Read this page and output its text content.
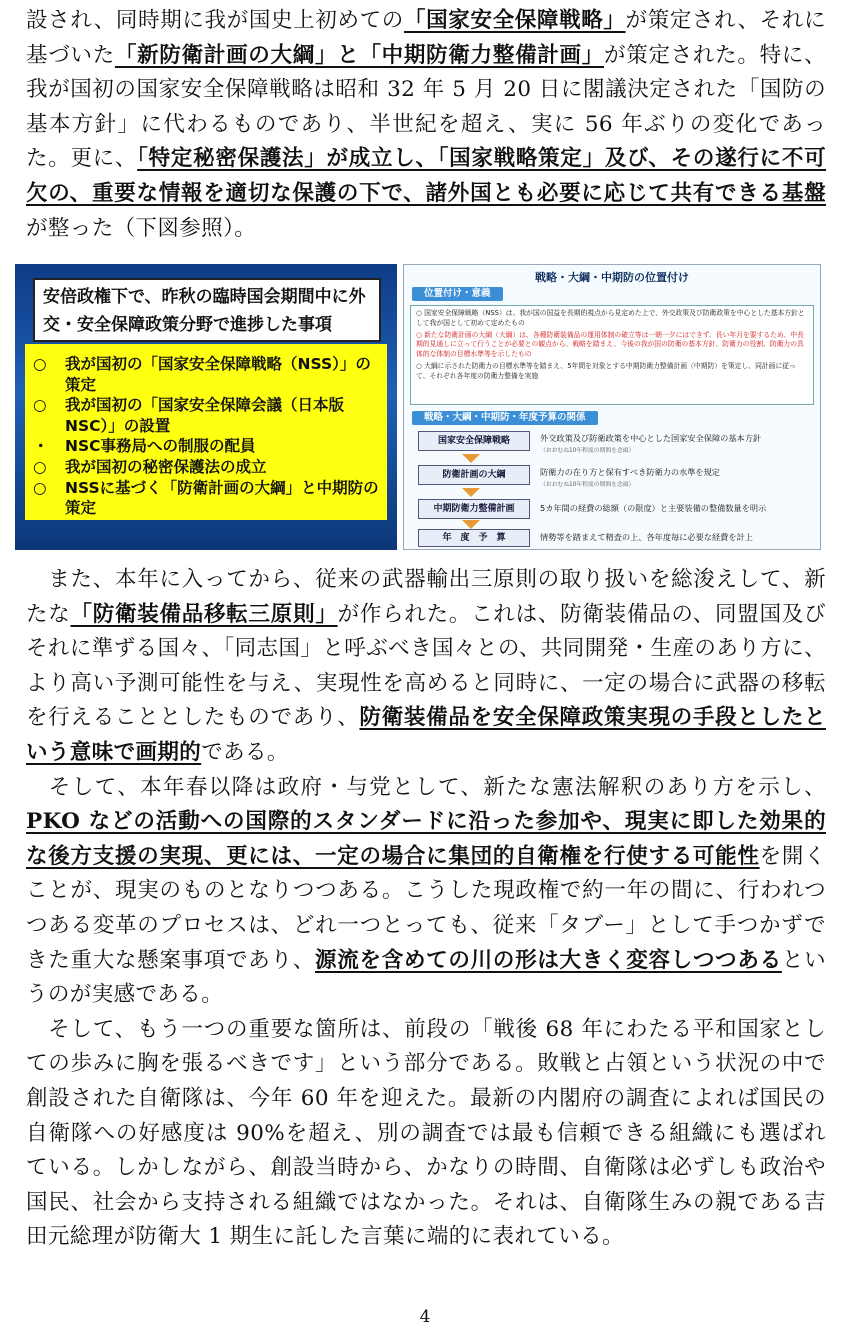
設され、同時期に我が国史上初めての「国家安全保障戦略」が策定され、それに基づいた「新防衛計画の大綱」と「中期防衛力整備計画」が策定された。特に、我が国初の国家安全保障戦略は昭和 32 年 5 月 20 日に閣議決定された「国防の基本方針」に代わるものであり、半世紀を超え、実に 56 年ぶりの変化であった。更に、「特定秘密保護法」が成立し、「国家戦略策定」及び、その遂行に不可欠の、重要な情報を適切な保護の下で、諸外国とも必要に応じて共有できる基盤が整った（下図参照）。

安倍政権下で、昨秋の臨時国会期間中に外交・安全保障政策分野で進捗した事項
○	我が国初の「国家安全保障戦略（NSS）」の策定
○	我が国初の「国家安全保障会議（日本版NSC）」の設置
・	NSC事務局への制服の配員
○	我が国初の秘密保護法の成立
○	NSSに基づく「防衛計画の大綱」と中期防の策定
戦略・大綱・中期防の位置付け
位置付け・意義

○ 国家安全保障戦略（NSS）は、我が国の国益を長期的視点から見定めた上で、外交政策及び防衛政策を中心とした基本方針として我が国として初めて定めたもの

○ 新たな防衛計画の大綱（大綱）は、各種防衛装備品の運用体制の確立等は一朝一夕にはできず、長い年月を要するため、中長期的見通しに立って行うことが必要との観点から、戦略を踏まえ、今後の我が国の防衛の基本方針、防衛力の役割、防衛力の具体的な体制の目標水準等を示したもの

○ 大綱に示された防衛力の目標水準等を踏まえ、5年間を対象とする中期防衛力整備計画（中期防）を策定し、同計画に従って、それぞれ各年度の防衛力整備を実施

戦略・大綱・中期防・年度予算の関係
国家安全保障戦略	外交政策及び防衛政策を中心とした国家安全保障の基本方針
（おおむね10年程度の期間を念頭）
防衛計画の大綱	防衛力の在り方と保有すべき防衛力の水準を規定
（おおむね10年程度の期間を念頭）
中期防衛力整備計画	5カ年間の経費の総額（の限度）と主要装備の整備数量を明示
年　度　予　算	情勢等を踏まえて精査の上、各年度毎に必要な経費を計上

　また、本年に入ってから、従来の武器輸出三原則の取り扱いを総浚えして、新たな「防衛装備品移転三原則」が作られた。これは、防衛装備品の、同盟国及びそれに準ずる国々、「同志国」と呼ぶべき国々との、共同開発・生産のあり方に、より高い予測可能性を与え、実現性を高めると同時に、一定の場合に武器の移転を行えることとしたものであり、防衛装備品を安全保障政策実現の手段としたという意味で画期的である。
　そして、本年春以降は政府・与党として、新たな憲法解釈のあり方を示し、PKO などの活動への国際的スタンダードに沿った参加や、現実に即した効果的な後方支援の実現、更には、一定の場合に集団的自衛権を行使する可能性を開くことが、現実のものとなりつつある。こうした現政権で約一年の間に、行われつつある変革のプロセスは、どれ一つとっても、従来「タブー」として手つかずできた重大な懸案事項であり、源流を含めての川の形は大きく変容しつつあるというのが実感である。
　そして、もう一つの重要な箇所は、前段の「戦後 68 年にわたる平和国家としての歩みに胸を張るべきです」という部分である。敗戦と占領という状況の中で創設された自衛隊は、今年 60 年を迎えた。最新の内閣府の調査によれば国民の自衛隊への好感度は 90%を超え、別の調査では最も信頼できる組織にも選ばれている。しかしながら、創設当時から、かなりの時間、自衛隊は必ずしも政治や国民、社会から支持される組織ではなかった。それは、自衛隊生みの親である吉田元総理が防衛大 1 期生に託した言葉に端的に表れている。

4
